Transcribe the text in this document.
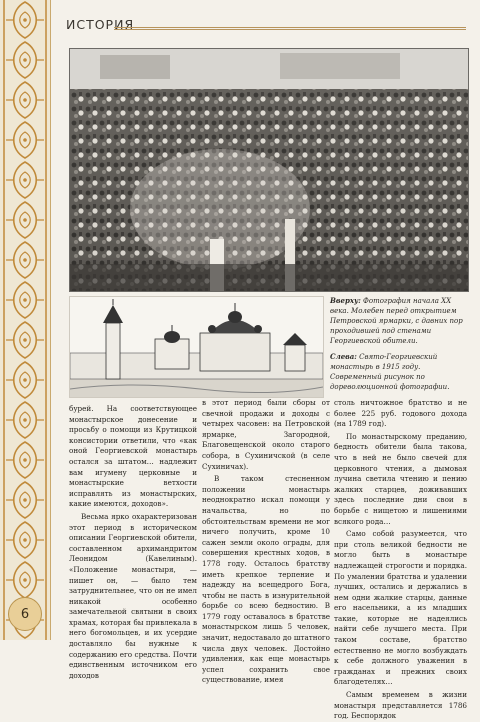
ИСТОРИЯ

Вверху: Фотография начала XX века. Молебен перед открытием Петровской ярмарки, с давних пор проходившей под стенами Георгиевской обители.

Слева: Свято-Георгиевский монастырь в 1915 году. Современный рисунок по дореволюционной фотографии.

бурей. На соответствующее монастырское донесение и просьбу о помощи из Крутицкой консистории ответили, что «как оной Георгиевской монастырь остался за штатом… надлежит вам игумену церковные и монастырские ветхости исправлять из монастырских, какие имеются, доходов».

Весьма ярко охарактеризован этот период в историческом описании Георгиевской обители, составленном архимандритом Леонидом (Кавелиным). «Положение монастыря, — пишет он, — было тем затруднительнее, что он не имел никакой особенно замечательной святыни в своих храмах, которая бы привлекала в него богомольцев, и их усердие доставляло бы нужные к содержанию его средства. Почти единственным источником его доходов

в этот период были сборы от свечной продажи и доходы с четырех часовен: на Петровской ярмарке, Загородной, Благовещенской около старого собора, в Сухиничской (в селе Сухиничах).

В таком стесненном положении монастырь неоднократно искал помощи у начальства, но по обстоятельствам времени не мог ничего получить, кроме 10 сажен земли около ограды, для совершения крестных ходов, в 1778 году. Осталось братству иметь крепкое терпение и надежду на всещедрого Бога, чтобы не пасть в изнурительной борьбе со всею бедностию. В 1779 году оставалось в братстве монастырском лишь 5 человек, значит, недоставало до штатного числа двух человек. Достойно удивления, как еще монастырь успел сохранить свое существование, имея

столь ничтожное братство и не более 225 руб. годового дохода (на 1789 год).

По монастырскому преданию, бедность обители была такова, что в ней не было свечей для церковного чтения, а дымовая лучина светила чтению и пению жалких старцев, доживавших здесь последние дни свои в борьбе с нищетою и лишениями всякого рода…

Само собой разумеется, что при столь великой бедности не могло быть в монастыре надлежащей строгости и порядка. По умалении братства и удалении лучших, остались и держались в нем одни жалкие старцы, данные его насельники, а из младших такие, которые не надеялись найти себе лучшего места. При таком составе, братство естественно не могло возбуждать к себе должного уважения в гражданах и прежних своих благодетелях…

Самым временем в жизни монастыря представляется 1786 год. Беспорядок

6
